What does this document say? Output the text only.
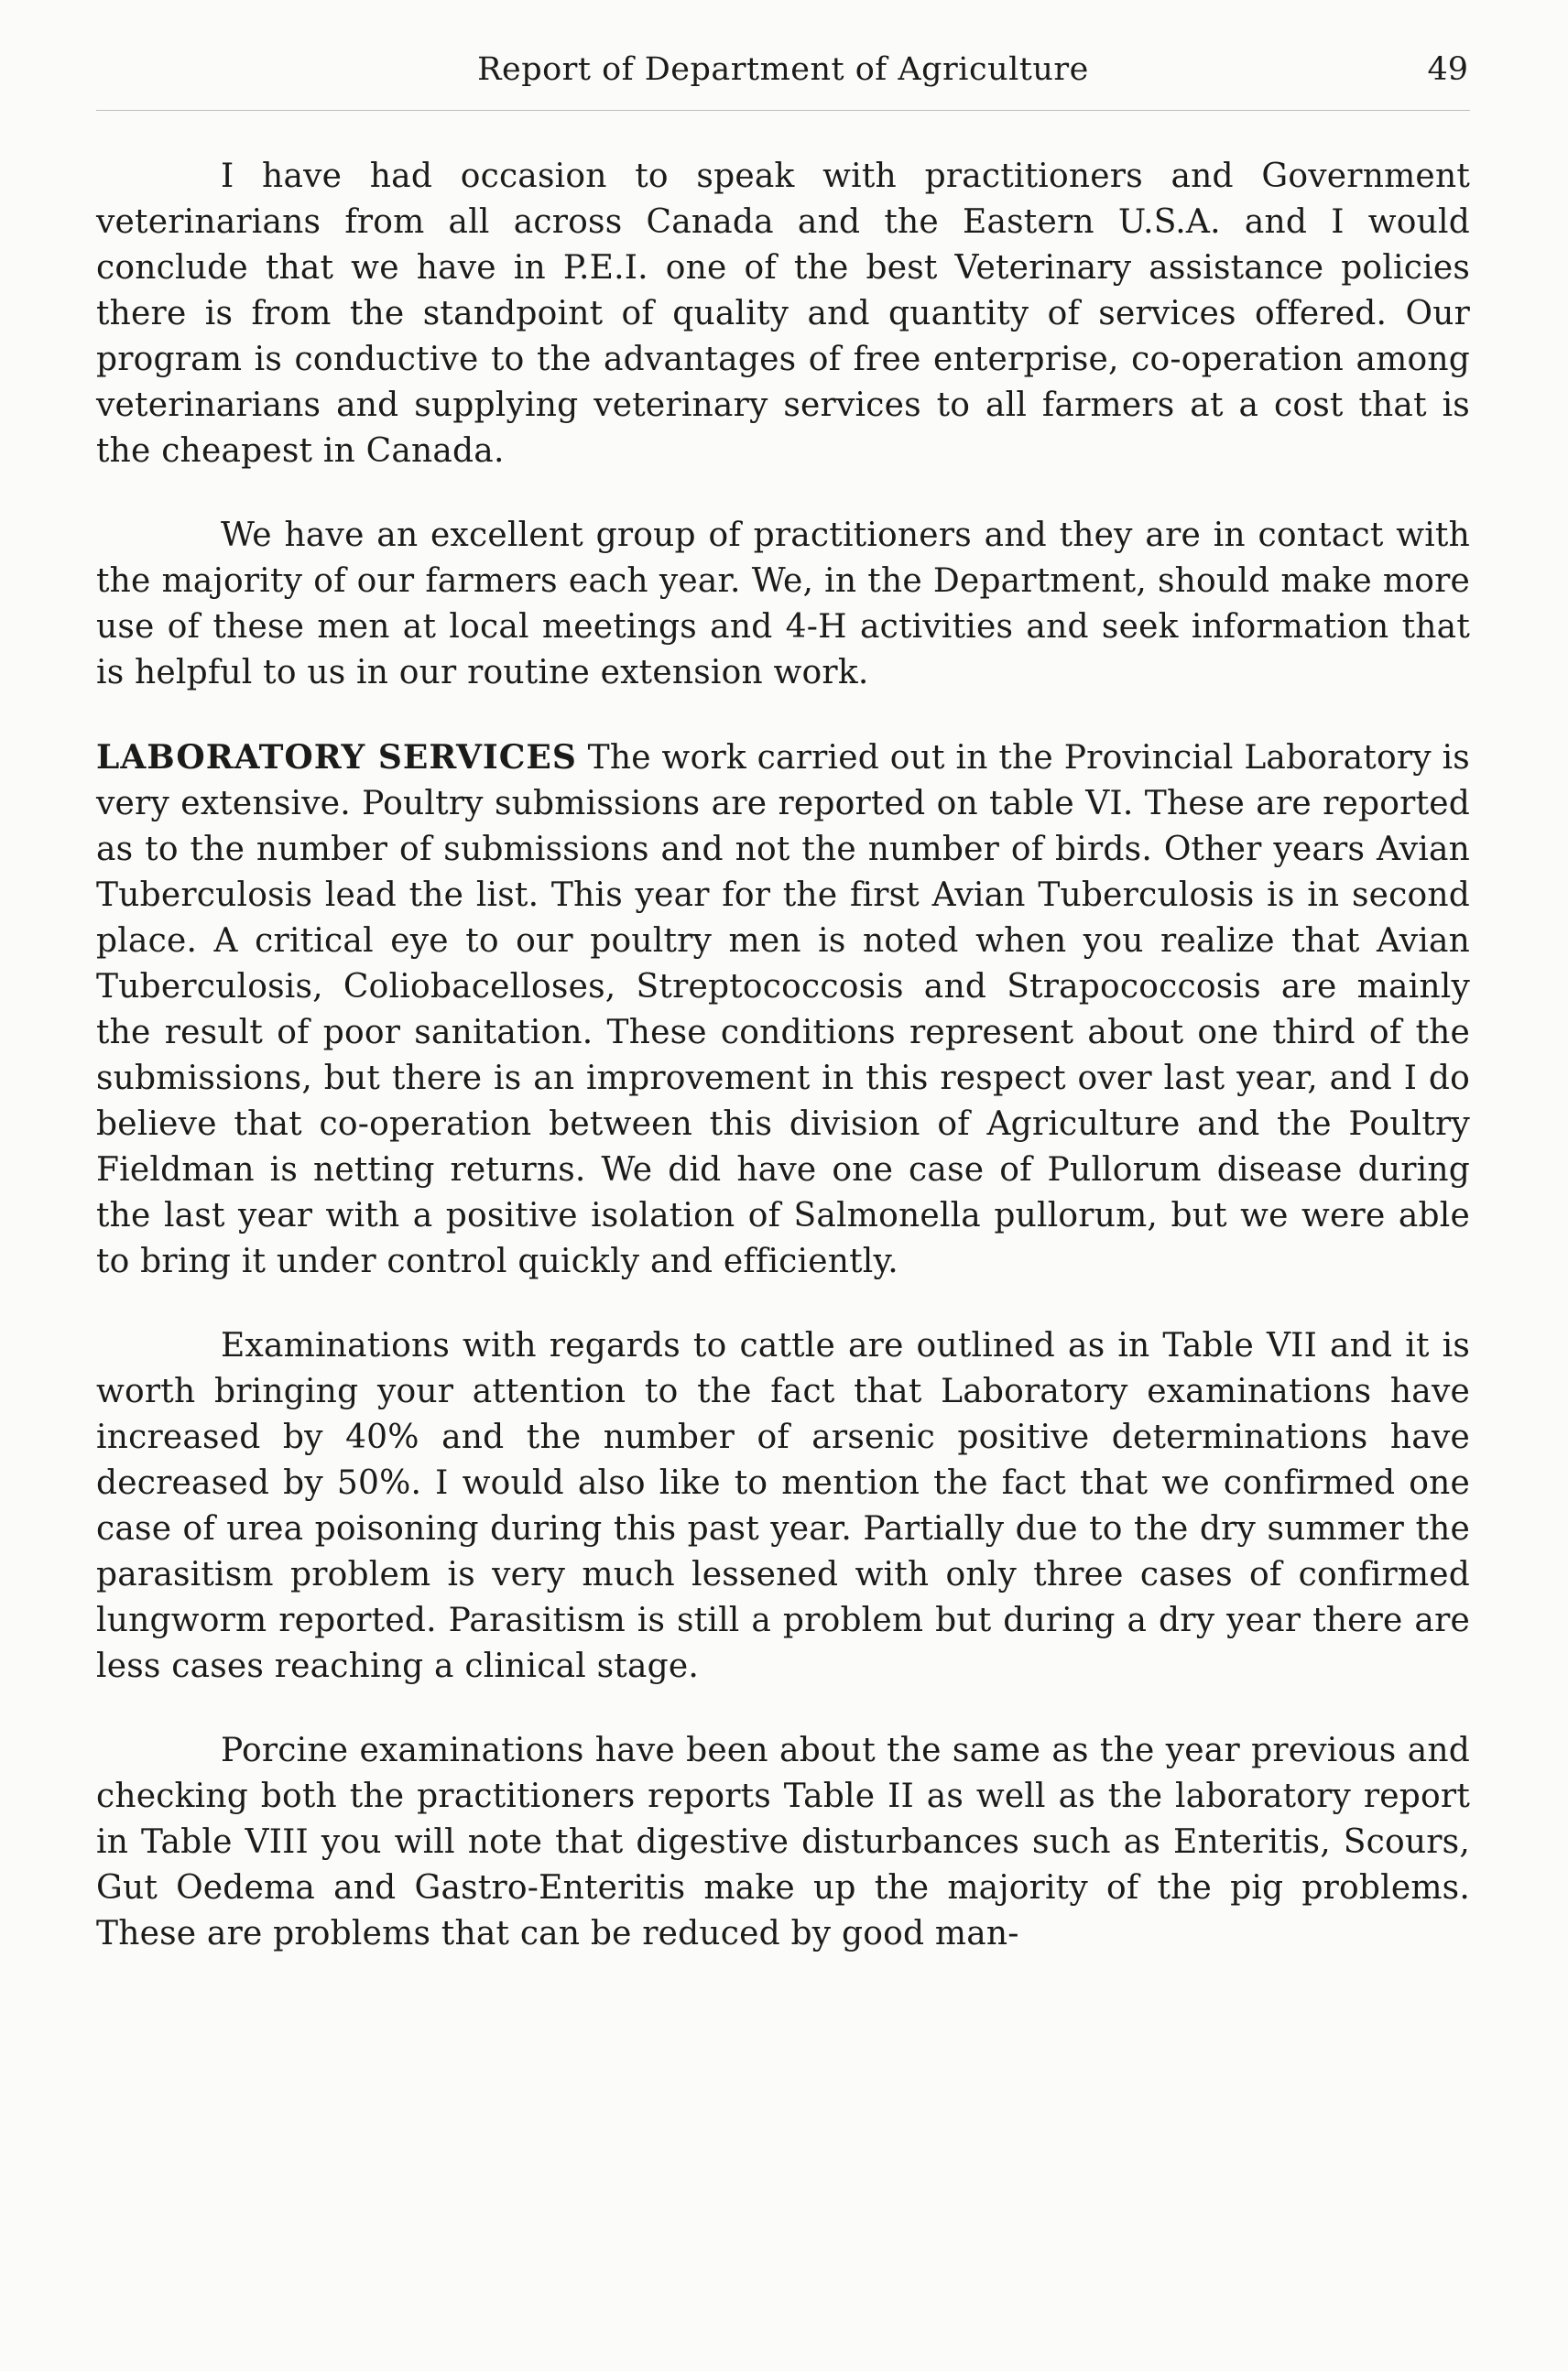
Report of Department of Agriculture	49

I have had occasion to speak with practitioners and Government veterinarians from all across Canada and the Eastern U.S.A. and I would conclude that we have in P.E.I. one of the best Veterinary assistance policies there is from the standpoint of quality and quantity of services offered. Our program is conductive to the advantages of free enterprise, co-operation among veterinarians and supplying veterinary services to all farmers at a cost that is the cheapest in Canada.

We have an excellent group of practitioners and they are in contact with the majority of our farmers each year. We, in the Department, should make more use of these men at local meetings and 4-H activities and seek information that is helpful to us in our routine extension work.

LABORATORY SERVICES The work carried out in the Provincial Laboratory is very extensive. Poultry submissions are reported on table VI. These are reported as to the number of submissions and not the number of birds. Other years Avian Tuberculosis lead the list. This year for the first Avian Tuberculosis is in second place. A critical eye to our poultry men is noted when you realize that Avian Tuberculosis, Coliobacelloses, Streptococcosis and Strapococcosis are mainly the result of poor sanitation. These conditions represent about one third of the submissions, but there is an improvement in this respect over last year, and I do believe that co-operation between this division of Agriculture and the Poultry Fieldman is netting returns. We did have one case of Pullorum disease during the last year with a positive isolation of Salmonella pullorum, but we were able to bring it under control quickly and efficiently.

Examinations with regards to cattle are outlined as in Table VII and it is worth bringing your attention to the fact that Laboratory examinations have increased by 40% and the number of arsenic positive determinations have decreased by 50%. I would also like to mention the fact that we confirmed one case of urea poisoning during this past year. Partially due to the dry summer the parasitism problem is very much lessened with only three cases of confirmed lungworm reported. Parasitism is still a problem but during a dry year there are less cases reaching a clinical stage.

Porcine examinations have been about the same as the year previous and checking both the practitioners reports Table II as well as the laboratory report in Table VIII you will note that digestive disturbances such as Enteritis, Scours, Gut Oedema and Gastro-Enteritis make up the majority of the pig problems. These are problems that can be reduced by good man-
